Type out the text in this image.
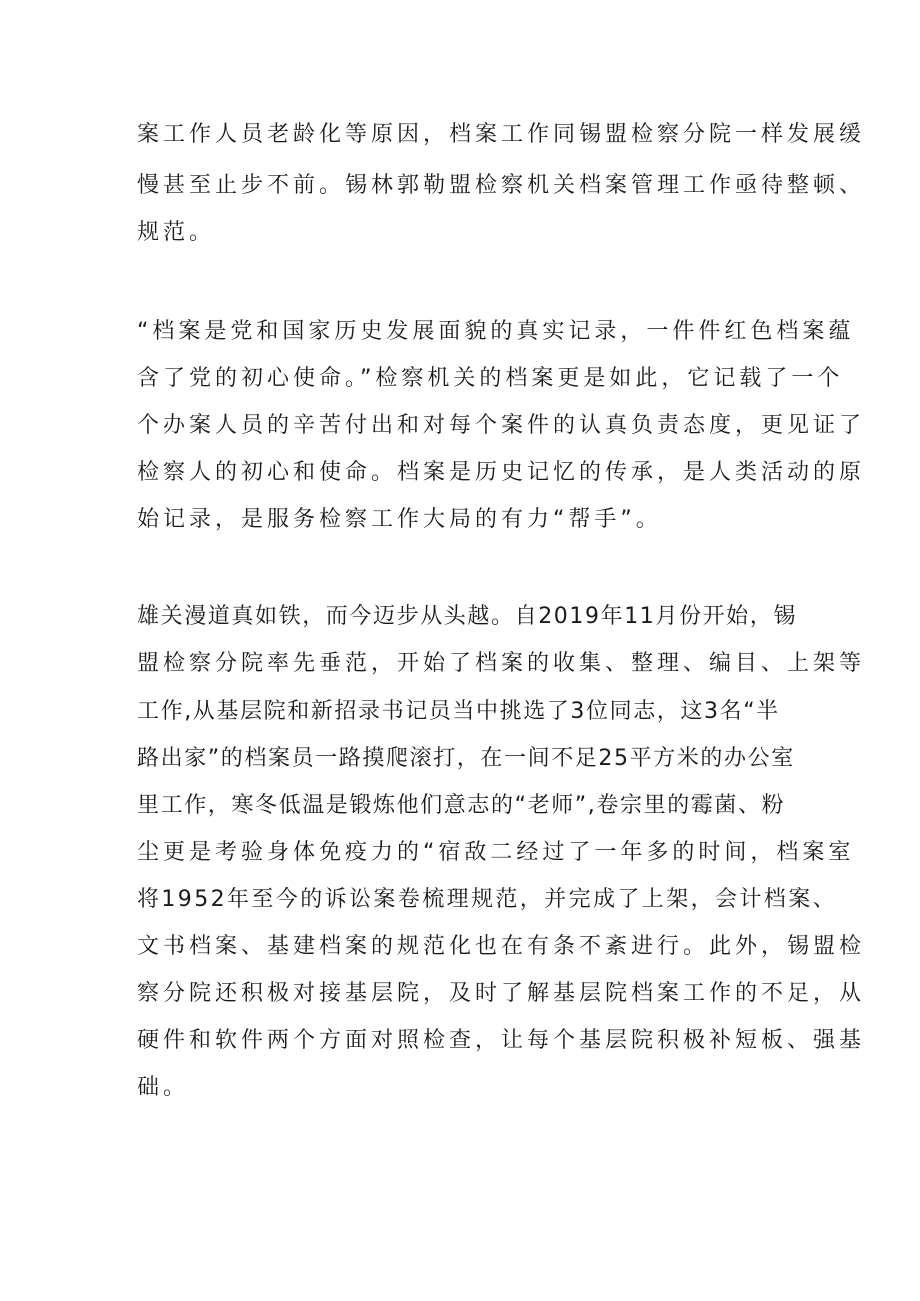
案工作人员老龄化等原因，档案工作同锡盟检察分院一样发展缓
慢甚至止步不前。锡林郭勒盟检察机关档案管理工作亟待整顿、
规范。
“档案是党和国家历史发展面貌的真实记录，一件件红色档案蕴
含了党的初心使命。”检察机关的档案更是如此，它记载了一个
个办案人员的辛苦付出和对每个案件的认真负责态度，更见证了
检察人的初心和使命。档案是历史记忆的传承，是人类活动的原
始记录，是服务检察工作大局的有力“帮手”。
雄关漫道真如铁，而今迈步从头越。自2019年11月份开始，锡
盟检察分院率先垂范，开始了档案的收集、整理、编目、上架等
工作,从基层院和新招录书记员当中挑选了3位同志，这3名“半
路出家”的档案员一路摸爬滚打，在一间不足25平方米的办公室
里工作，寒冬低温是锻炼他们意志的“老师”,卷宗里的霉菌、粉
尘更是考验身体免疫力的“宿敌二经过了一年多的时间，档案室
将1952年至今的诉讼案卷梳理规范，并完成了上架，会计档案、
文书档案、基建档案的规范化也在有条不紊进行。此外，锡盟检
察分院还积极对接基层院，及时了解基层院档案工作的不足，从
硬件和软件两个方面对照检查，让每个基层院积极补短板、强基
础。
